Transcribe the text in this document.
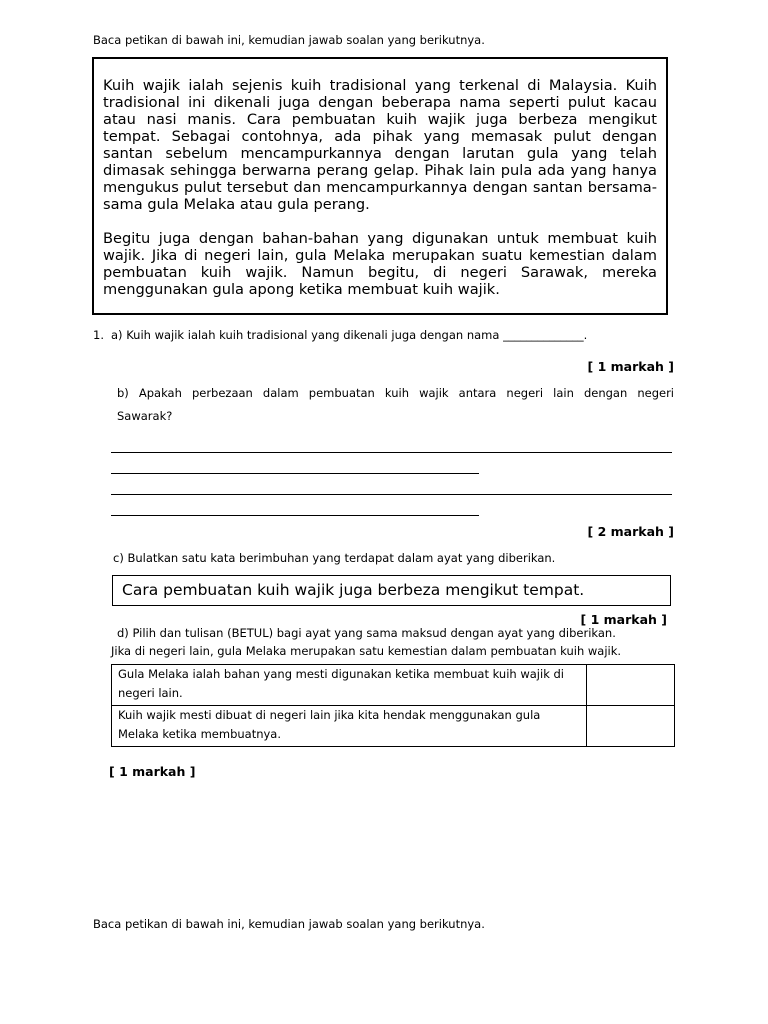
Baca petikan di bawah ini, kemudian jawab soalan yang berikutnya.

Kuih wajik ialah sejenis kuih tradisional yang terkenal di Malaysia. Kuih tradisional ini dikenali juga dengan beberapa nama seperti pulut kacau atau nasi manis. Cara pembuatan kuih wajik juga berbeza mengikut tempat. Sebagai contohnya, ada pihak yang memasak pulut dengan santan sebelum mencampurkannya dengan larutan gula yang telah dimasak sehingga berwarna perang gelap. Pihak lain pula ada yang hanya mengukus pulut tersebut dan mencampurkannya dengan santan bersama-sama gula Melaka atau gula perang.

Begitu juga dengan bahan-bahan yang digunakan untuk membuat kuih wajik. Jika di negeri lain, gula Melaka merupakan suatu kemestian dalam pembuatan kuih wajik. Namun begitu, di negeri Sarawak, mereka menggunakan gula apong ketika membuat kuih wajik.

1. a) Kuih wajik ialah kuih tradisional yang dikenali juga dengan nama ______________.
[ 1 markah ]
b) Apakah perbezaan dalam pembuatan kuih wajik antara negeri lain dengan negeri
Sawarak?
[ 2 markah ]
c) Bulatkan satu kata berimbuhan yang terdapat dalam ayat yang diberikan.
Cara pembuatan kuih wajik juga berbeza mengikut tempat.
[ 1 markah ]
d) Pilih dan tulisan (BETUL) bagi ayat yang sama maksud dengan ayat yang diberikan.
Jika di negeri lain, gula Melaka merupakan satu kemestian dalam pembuatan kuih wajik.
Gula Melaka ialah bahan yang mesti digunakan ketika membuat kuih wajik di negeri lain.	
Kuih wajik mesti dibuat di negeri lain jika kita hendak menggunakan gula Melaka ketika membuatnya.	
[ 1 markah ]
Baca petikan di bawah ini, kemudian jawab soalan yang berikutnya.
